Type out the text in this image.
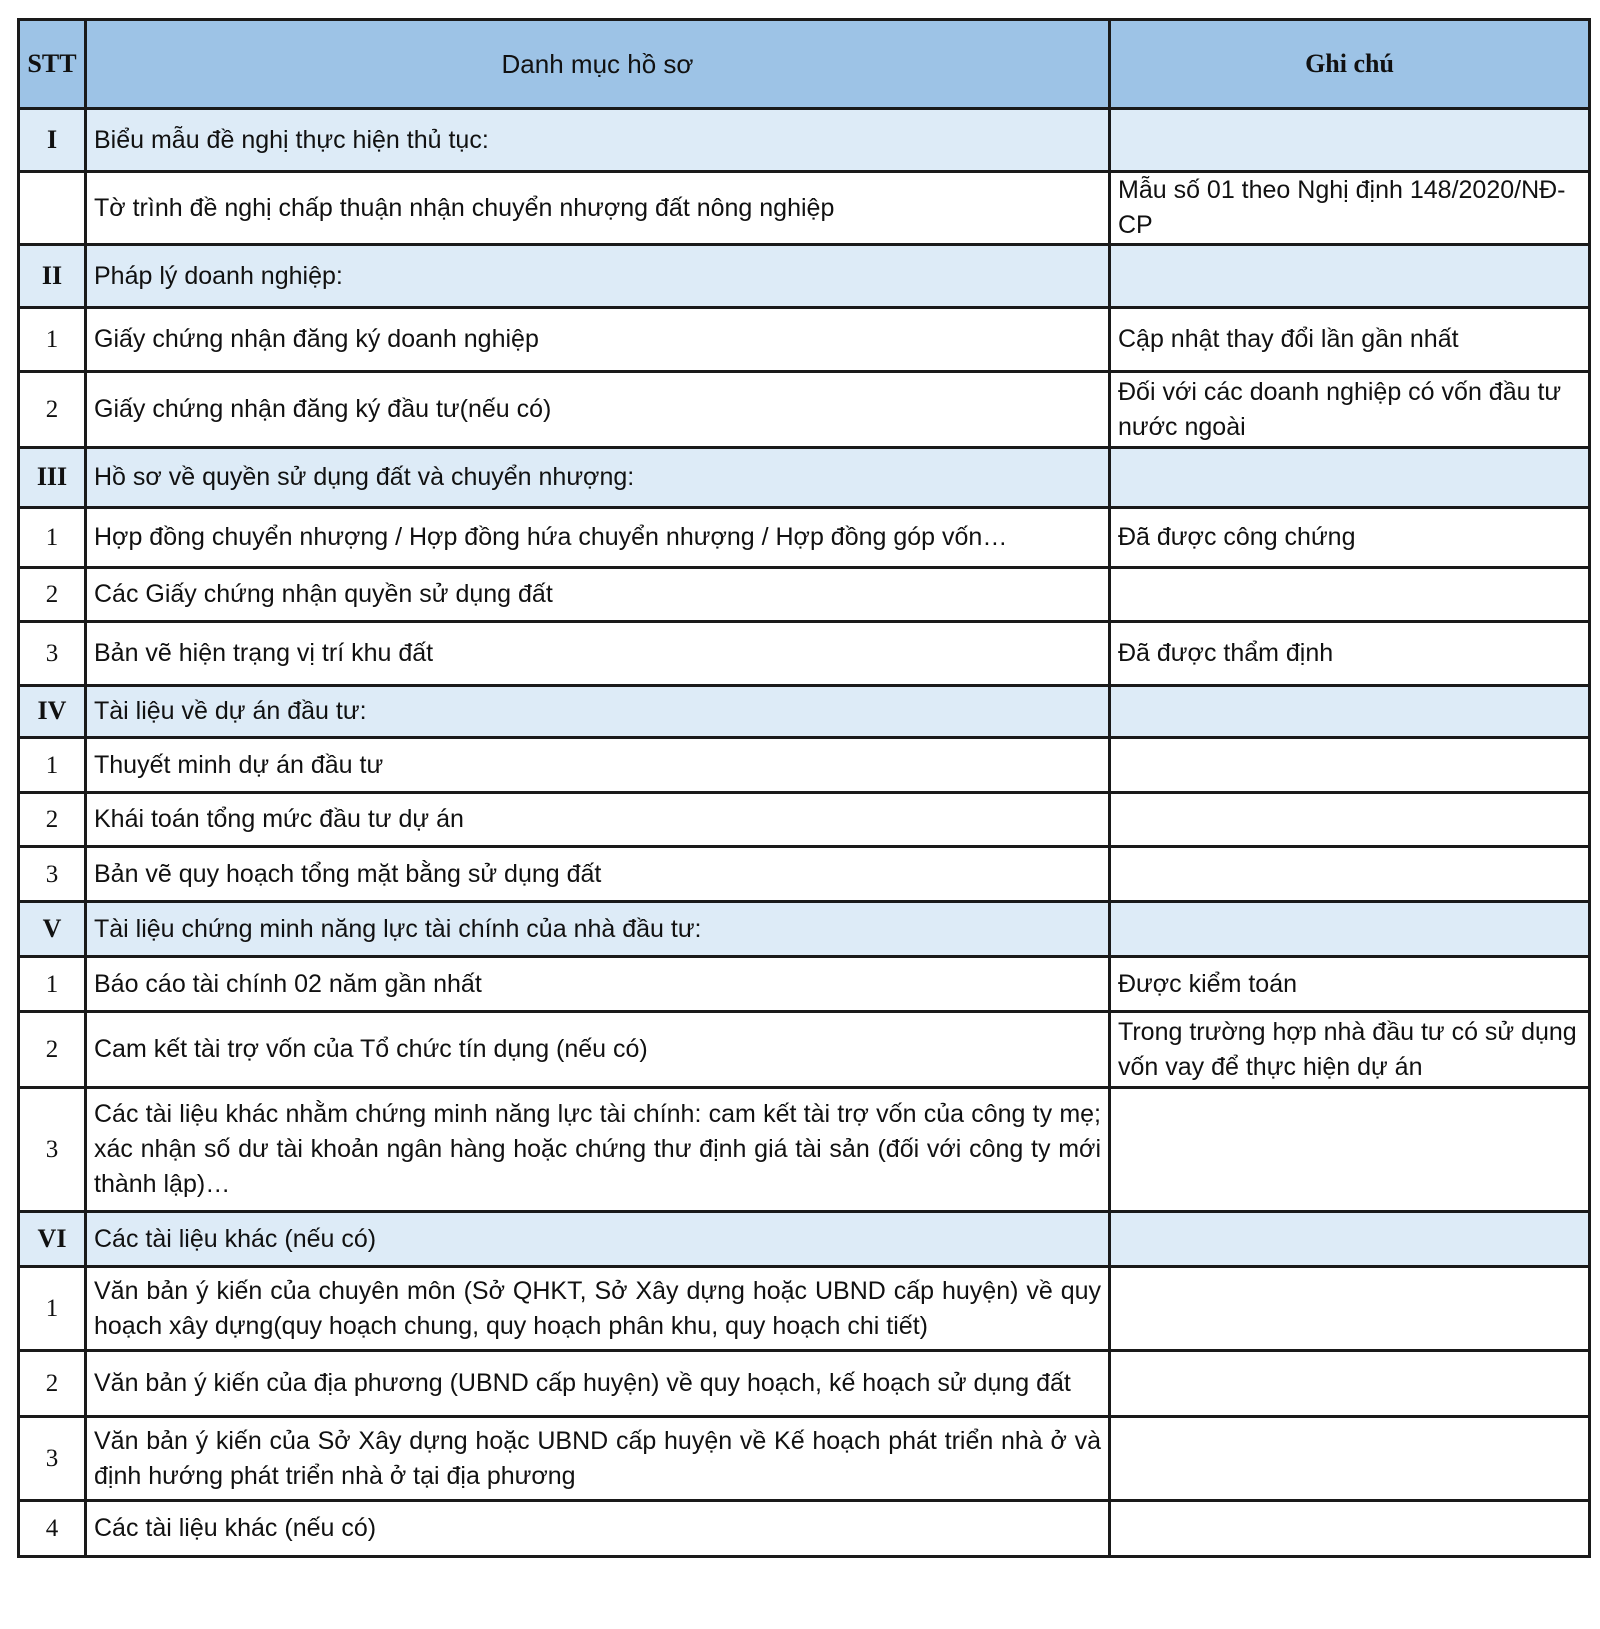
STT	Danh mục hồ sơ	Ghi chú
I	Biểu mẫu đề nghị thực hiện thủ tục:	
	Tờ trình đề nghị chấp thuận nhận chuyển nhượng đất nông nghiệp	Mẫu số 01 theo Nghị định 148/2020/NĐ-CP
II	Pháp lý doanh nghiệp:	
1	Giấy chứng nhận đăng ký doanh nghiệp	Cập nhật thay đổi lần gần nhất
2	Giấy chứng nhận đăng ký đầu tư(nếu có)	Đối với các doanh nghiệp có vốn đầu tư nước ngoài
III	Hồ sơ về quyền sử dụng đất và chuyển nhượng:	
1	Hợp đồng chuyển nhượng / Hợp đồng hứa chuyển nhượng / Hợp đồng góp vốn…	Đã được công chứng
2	Các Giấy chứng nhận quyền sử dụng đất	
3	Bản vẽ hiện trạng vị trí khu đất	Đã được thẩm định
IV	Tài liệu về dự án đầu tư:	
1	Thuyết minh dự án đầu tư	
2	Khái toán tổng mức đầu tư dự án	
3	Bản vẽ quy hoạch tổng mặt bằng sử dụng đất	
V	Tài liệu chứng minh năng lực tài chính của nhà đầu tư:	
1	Báo cáo tài chính 02 năm gần nhất	Được kiểm toán
2	Cam kết tài trợ vốn của Tổ chức tín dụng (nếu có)	Trong trường hợp nhà đầu tư có sử dụng vốn vay để thực hiện dự án
3	Các tài liệu khác nhằm chứng minh năng lực tài chính: cam kết tài trợ vốn của công ty mẹ; xác nhận số dư tài khoản ngân hàng hoặc chứng thư định giá tài sản (đối với công ty mới thành lập)…	
VI	Các tài liệu khác (nếu có)	
1	Văn bản ý kiến của chuyên môn (Sở QHKT, Sở Xây dựng hoặc UBND cấp huyện) về quy hoạch xây dựng(quy hoạch chung, quy hoạch phân khu, quy hoạch chi tiết)	
2	Văn bản ý kiến của địa phương (UBND cấp huyện) về quy hoạch, kế hoạch sử dụng đất	
3	Văn bản ý kiến của Sở Xây dựng hoặc UBND cấp huyện về Kế hoạch phát triển nhà ở và định hướng phát triển nhà ở tại địa phương	
4	Các tài liệu khác (nếu có)	
